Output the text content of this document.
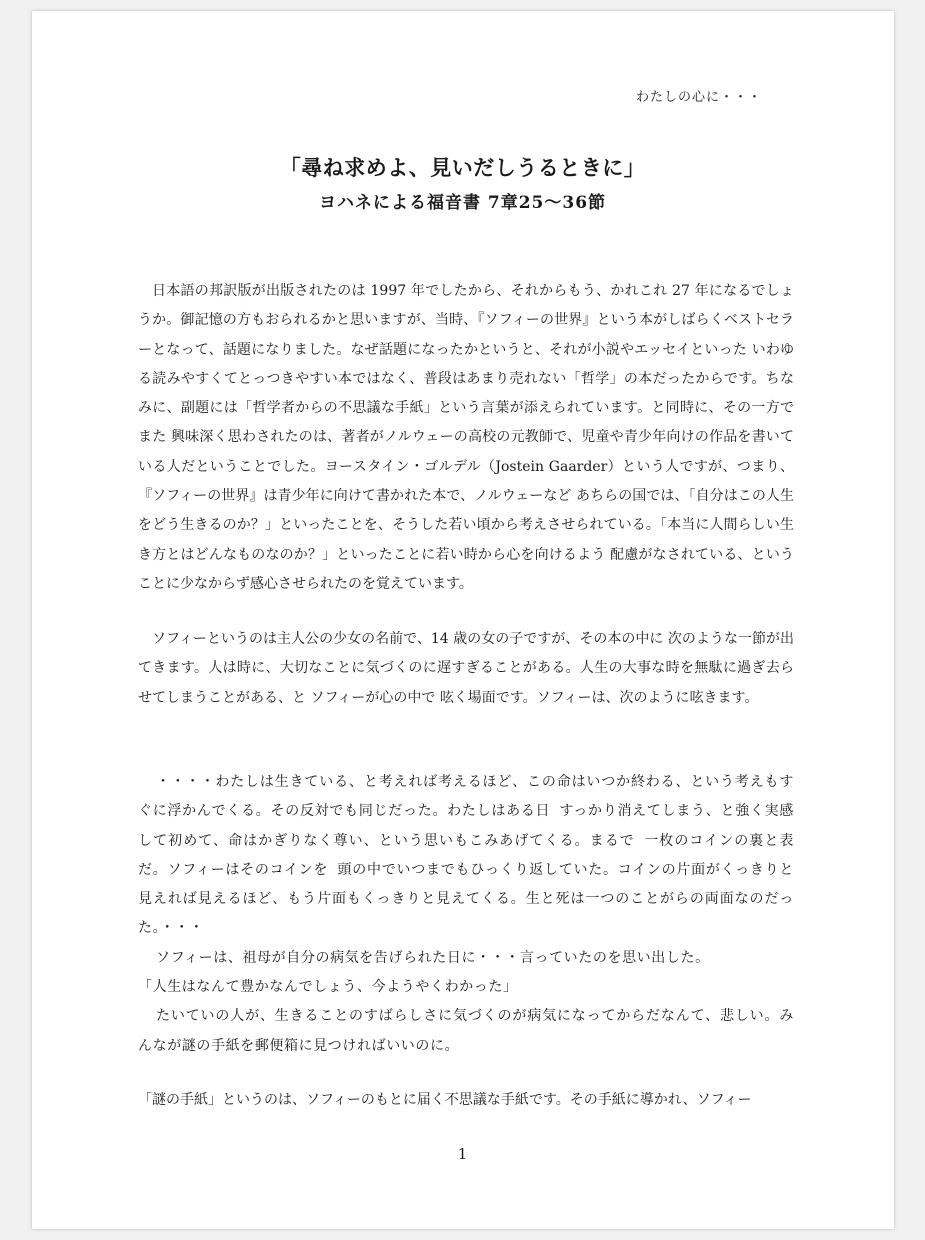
わたしの心に・・・
「尋ね求めよ、見いだしうるときに」
ヨハネによる福音書 7章25〜36節

日本語の邦訳版が出版されたのは 1997 年でしたから、それからもう、かれこれ 27 年になるでしょうか。御記憶の方もおられるかと思いますが、当時、『ソフィーの世界』という本がしばらくベストセラーとなって、話題になりました。なぜ話題になったかというと、それが小説やエッセイといった いわゆる読みやすくてとっつきやすい本ではなく、普段はあまり売れない「哲学」の本だったからです。ちなみに、副題には「哲学者からの不思議な手紙」という言葉が添えられています。と同時に、その一方でまた 興味深く思わされたのは、著者がノルウェーの高校の元教師で、児童や青少年向けの作品を書いている人だということでした。ヨースタイン・ゴルデル（Jostein Gaarder）という人ですが、つまり、『ソフィーの世界』は青少年に向けて書かれた本で、ノルウェーなど あちらの国では、「自分はこの人生をどう生きるのか？」といったことを、そうした若い頃から考えさせられている。「本当に人間らしい生き方とはどんなものなのか？」といったことに若い時から心を向けるよう 配慮がなされている、ということに少なからず感心させられたのを覚えています。

ソフィーというのは主人公の少女の名前で、14 歳の女の子ですが、その本の中に 次のような一節が出てきます。人は時に、大切なことに気づくのに遅すぎることがある。人生の大事な時を無駄に過ぎ去らせてしまうことがある、と ソフィーが心の中で 呟く場面です。ソフィーは、次のように呟きます。

・・・・わたしは生きている、と考えれば考えるほど、この命はいつか終わる、という考えもすぐに浮かんでくる。その反対でも同じだった。わたしはある日 すっかり消えてしまう、と強く実感して初めて、命はかぎりなく尊い、という思いもこみあげてくる。まるで 一枚のコインの裏と表だ。ソフィーはそのコインを 頭の中でいつまでもひっくり返していた。コインの片面がくっきりと見えれば見えるほど、もう片面もくっきりと見えてくる。生と死は一つのことがらの両面なのだった。・・・

ソフィーは、祖母が自分の病気を告げられた日に・・・言っていたのを思い出した。

「人生はなんて豊かなんでしょう、今ようやくわかった」

たいていの人が、生きることのすばらしさに気づくのが病気になってからだなんて、悲しい。みんなが謎の手紙を郵便箱に見つければいいのに。

「謎の手紙」というのは、ソフィーのもとに届く不思議な手紙です。その手紙に導かれ、ソフィー

1
